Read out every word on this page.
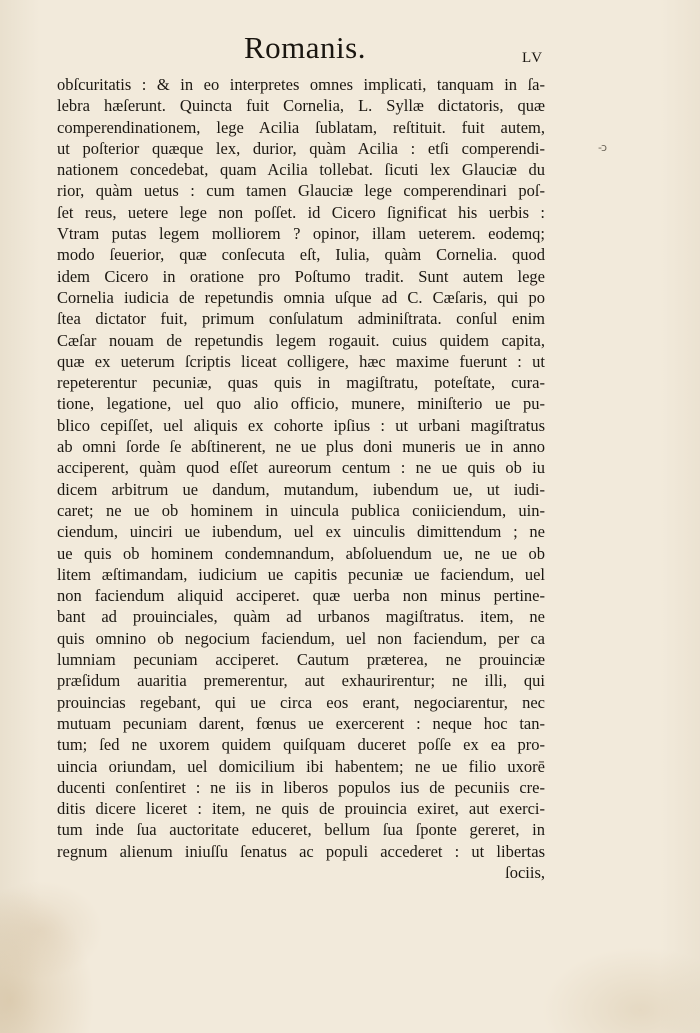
Romanis.	LV
-ↄ
obſcuritatis : & in eo interpretes omnes implicati, tanquam in ſa-
lebra hæſerunt. Quincta fuit Cornelia, L. Syllæ dictatoris, quæ
comperendinationem, lege Acilia ſublatam, reſtituit. fuit autem,
ut poſterior quæque lex, durior, quàm Acilia : etſi comperendi-
nationem concedebat, quam Acilia tollebat. ſicuti lex Glauciæ du
rior, quàm uetus : cum tamen Glauciæ lege comperendinari poſ-
ſet reus, uetere lege non poſſet. id Cicero ſignificat his uerbis :
Vtram putas legem molliorem ? opinor, illam ueterem. eodemq;
modo ſeuerior, quæ conſecuta eſt, Iulia, quàm Cornelia. quod
idem Cicero in oratione pro Poſtumo tradit. Sunt autem lege
Cornelia iudicia de repetundis omnia uſque ad C. Cæſaris, qui po
ſtea dictator fuit, primum conſulatum adminiſtrata. conſul enim
Cæſar nouam de repetundis legem rogauit. cuius quidem capita,
quæ ex ueterum ſcriptis liceat colligere, hæc maxime fuerunt : ut
repeterentur pecuniæ, quas quis in magiſtratu, poteſtate, cura-
tione, legatione, uel quo alio officio, munere, miniſterio ue pu-
blico cepiſſet, uel aliquis ex cohorte ipſius : ut urbani magiſtratus
ab omni ſorde ſe abſtinerent, ne ue plus doni muneris ue in anno
acciperent, quàm quod eſſet aureorum centum : ne ue quis ob iu
dicem arbitrum ue dandum, mutandum, iubendum ue, ut iudi-
caret; ne ue ob hominem in uincula publica coniiciendum, uin-
ciendum, uinciri ue iubendum, uel ex uinculis dimittendum ; ne
ue quis ob hominem condemnandum, abſoluendum ue, ne ue ob
litem æſtimandam, iudicium ue capitis pecuniæ ue faciendum, uel
non faciendum aliquid acciperet. quæ uerba non minus pertine-
bant ad prouinciales, quàm ad urbanos magiſtratus. item, ne
quis omnino ob negocium faciendum, uel non faciendum, per ca
lumniam pecuniam acciperet. Cautum præterea, ne prouinciæ
præſidum auaritia premerentur, aut exhaurirentur; ne illi, qui
prouincias regebant, qui ue circa eos erant, negociarentur, nec
mutuam pecuniam darent, fœnus ue exercerent : neque hoc tan-
tum; ſed ne uxorem quidem quiſquam duceret poſſe ex ea pro-
uincia oriundam, uel domicilium ibi habentem; ne ue filio uxorē
ducenti conſentiret : ne iis in liberos populos ius de pecuniis cre-
ditis dicere liceret : item, ne quis de prouincia exiret, aut exerci-
tum inde ſua auctoritate educeret, bellum ſua ſponte gereret, in
regnum alienum iniuſſu ſenatus ac populi accederet : ut libertas
ſociis,
